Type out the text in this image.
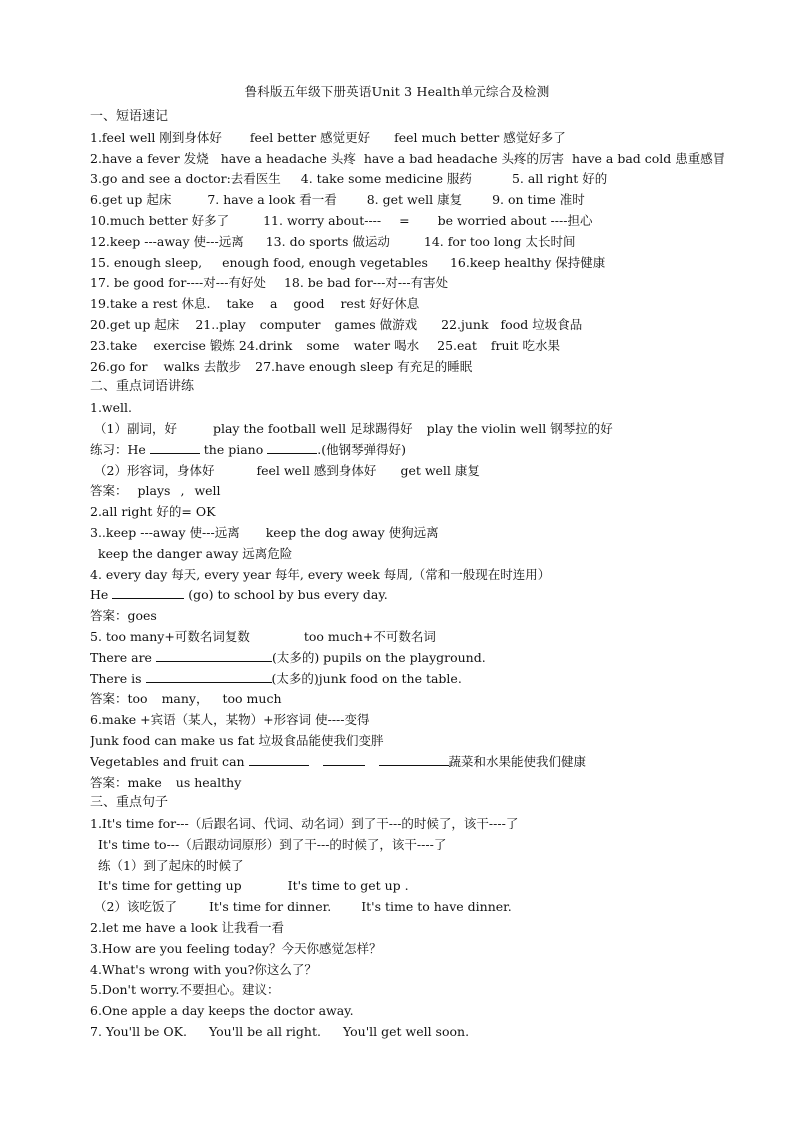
鲁科版五年级下册英语Unit 3 Health单元综合及检测
一、短语速记
1.feel well 刚到身体好 feel better 感觉更好 feel much better 感觉好多了
2.have a fever 发烧 have a headache 头疼 have a bad headache 头疼的厉害 have a bad cold 患重感冒
3.go and see a doctor:去看医生 4. take some medicine 服药	5. all right 好的
6.get up 起床	7. have a look 看一看 8. get well 康复 9. on time 准时
10.much better 好多了	11. worry about---- = be worried about ----担心
12.keep ---away 使---远离 13. do sports 做运动	14. for too long 太长时间
15. enough sleep, enough food, enough vegetables 16.keep healthy 保持健康
17. be good for----对---有好处 18. be bad for---对---有害处
19.take a rest 休息. take a good rest 好好休息
20.get up 起床 21..play computer games 做游戏 22.junk food 垃圾食品
23.take exercise 锻炼 24.drink some water 喝水 25.eat fruit 吃水果
26.go for walks 去散步 27.have enough sleep 有充足的睡眠
二、重点词语讲练
1.well.
（1）副词，好	play the football well 足球踢得好 play the violin well 钢琴拉的好
练习：He	the piano	.(他钢琴弹得好)
（2）形容词，身体好	feel well 感到身体好 get well 康复
答案： plays , well
2.all right 好的= OK
3..keep ---away 使---远离 keep the dog away 使狗远离
keep the danger away 远离危险
4. every day 每天, every year 每年, every week 每周,（常和一般现在时连用）
He	(go) to school by bus every day.
答案：goes
5. too many+可数名词复数	too much+不可数名词
There are	(太多的) pupils on the playground.
There is	(太多的)junk food on the table.
答案：too many， too much
6.make +宾语（某人，某物）+形容词 使----变得
Junk food can make us fat 垃圾食品能使我们变胖
Vegetables and fruit can	蔬菜和水果能使我们健康
答案：make us healthy
三、重点句子
1.It's time for---（后跟名词、代词、动名词）到了干---的时候了，该干----了
It's time to---（后跟动词原形）到了干---的时候了，该干----了
练（1）到了起床的时候了
It's time for getting up	It's time to get up .
（2）该吃饭了	It's time for dinner. It's time to have dinner.
2.let me have a look 让我看一看
3.How are you feeling today？今天你感觉怎样？
4.What's wrong with you?你这么了？
5.Don't worry.不要担心。建议：
6.One apple a day keeps the doctor away.
7. You'll be OK. You'll be all right. You'll get well soon.
